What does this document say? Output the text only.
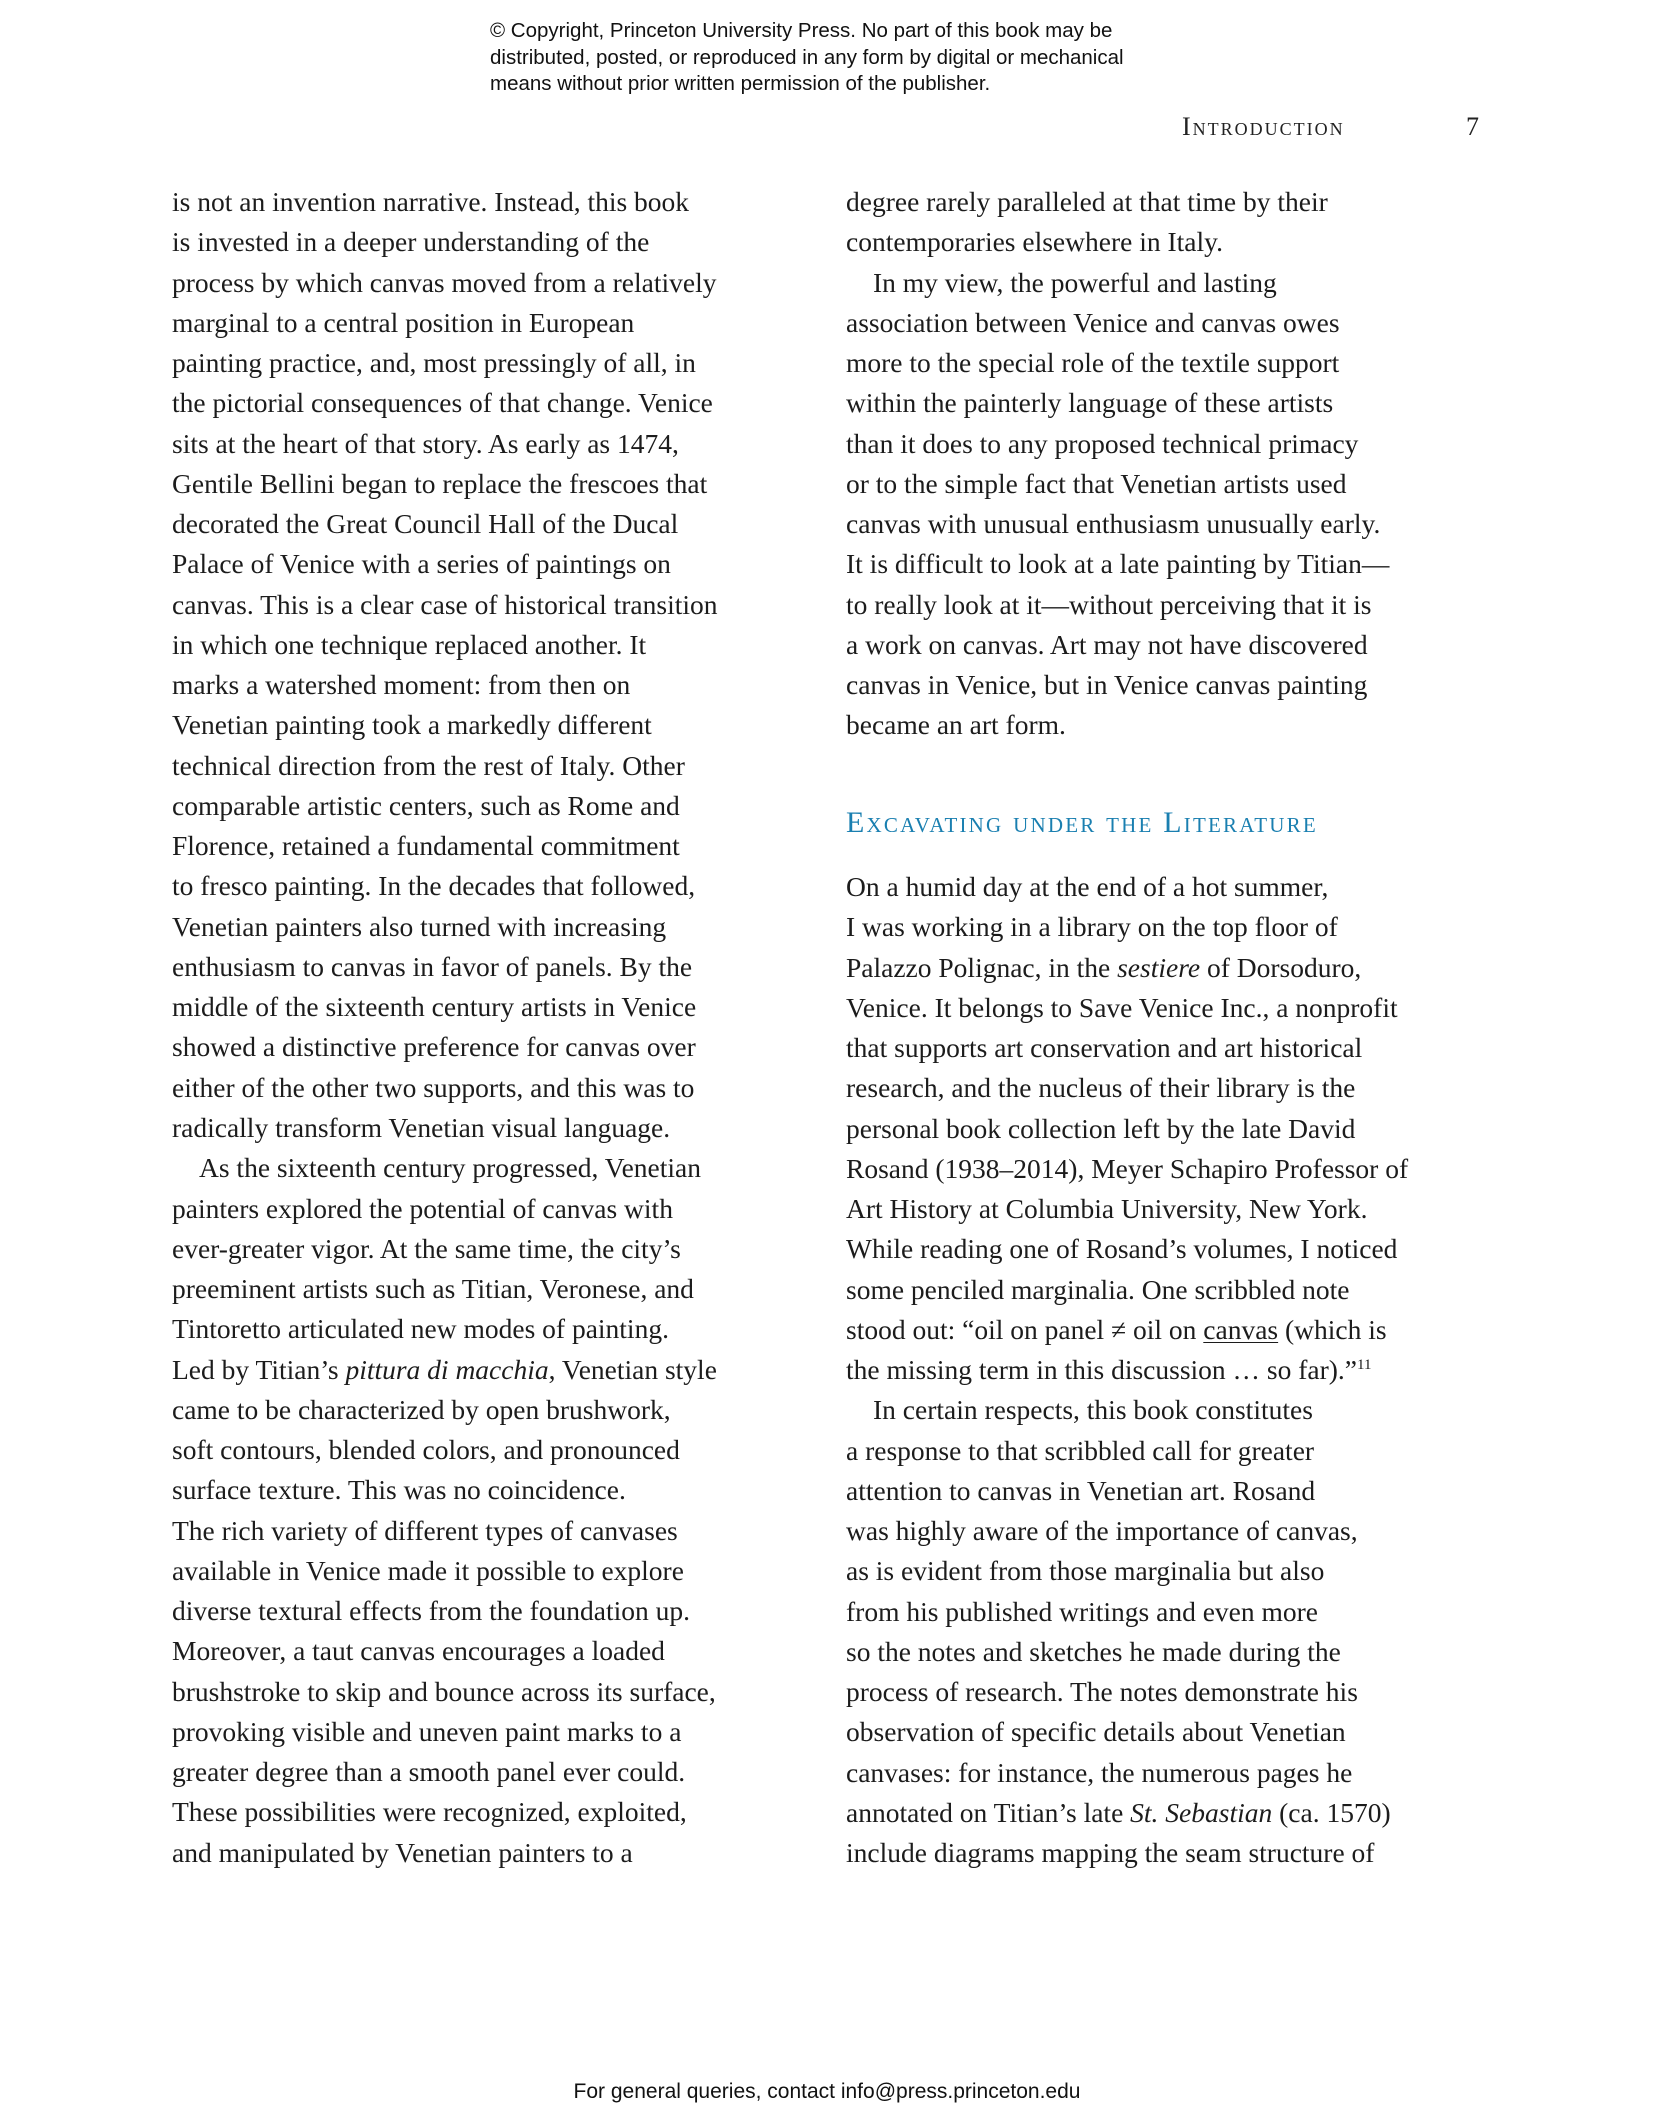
© Copyright, Princeton University Press. No part of this book may be
distributed, posted, or reproduced in any form by digital or mechanical
means without prior written permission of the publisher.
Introduction	7
is not an invention narrative. Instead, this book
is invested in a deeper understanding of the
process by which canvas moved from a relatively
marginal to a central position in European
painting practice, and, most pressingly of all, in
the pictorial consequences of that change. Venice
sits at the heart of that story. As early as 1474,
Gentile Bellini began to replace the frescoes that
decorated the Great Council Hall of the Ducal
Palace of Venice with a series of paintings on
canvas. This is a clear case of historical transition
in which one technique replaced another. It
marks a watershed moment: from then on
Venetian painting took a markedly different
technical direction from the rest of Italy. Other
comparable artistic centers, such as Rome and
Florence, retained a fundamental commitment
to fresco painting. In the decades that followed,
Venetian painters also turned with increasing
enthusiasm to canvas in favor of panels. By the
middle of the sixteenth century artists in Venice
showed a distinctive preference for canvas over
either of the other two supports, and this was to
radically transform Venetian visual language.
As the sixteenth century progressed, Venetian
painters explored the potential of canvas with
ever-greater vigor. At the same time, the city’s
preeminent artists such as Titian, Veronese, and
Tintoretto articulated new modes of painting.
Led by Titian’s pittura di macchia, Venetian style
came to be characterized by open brushwork,
soft contours, blended colors, and pronounced
surface texture. This was no coincidence.
The rich variety of different types of canvases
available in Venice made it possible to explore
diverse textural effects from the foundation up.
Moreover, a taut canvas encourages a loaded
brushstroke to skip and bounce across its surface,
provoking visible and uneven paint marks to a
greater degree than a smooth panel ever could.
These possibilities were recognized, exploited,
and manipulated by Venetian painters to a
degree rarely paralleled at that time by their
contemporaries elsewhere in Italy.
In my view, the powerful and lasting
association between Venice and canvas owes
more to the special role of the textile support
within the painterly language of these artists
than it does to any proposed technical primacy
or to the simple fact that Venetian artists used
canvas with unusual enthusiasm unusually early.
It is difficult to look at a late painting by Titian—
to really look at it—without perceiving that it is
a work on canvas. Art may not have discovered
canvas in Venice, but in Venice canvas painting
became an art form.
Excavating under the Literature
On a humid day at the end of a hot summer,
I was working in a library on the top floor of
Palazzo Polignac, in the sestiere of Dorsoduro,
Venice. It belongs to Save Venice Inc., a nonprofit
that supports art conservation and art historical
research, and the nucleus of their library is the
personal book collection left by the late David
Rosand (1938–2014), Meyer Schapiro Professor of
Art History at Columbia University, New York.
While reading one of Rosand’s volumes, I noticed
some penciled marginalia. One scribbled note
stood out: “oil on panel ≠ oil on canvas (which is
the missing term in this discussion … so far).”$^{11}$
In certain respects, this book constitutes
a response to that scribbled call for greater
attention to canvas in Venetian art. Rosand
was highly aware of the importance of canvas,
as is evident from those marginalia but also
from his published writings and even more
so the notes and sketches he made during the
process of research. The notes demonstrate his
observation of specific details about Venetian
canvases: for instance, the numerous pages he
annotated on Titian’s late St. Sebastian (ca. 1570)
include diagrams mapping the seam structure of
For general queries, contact info@press.princeton.edu
